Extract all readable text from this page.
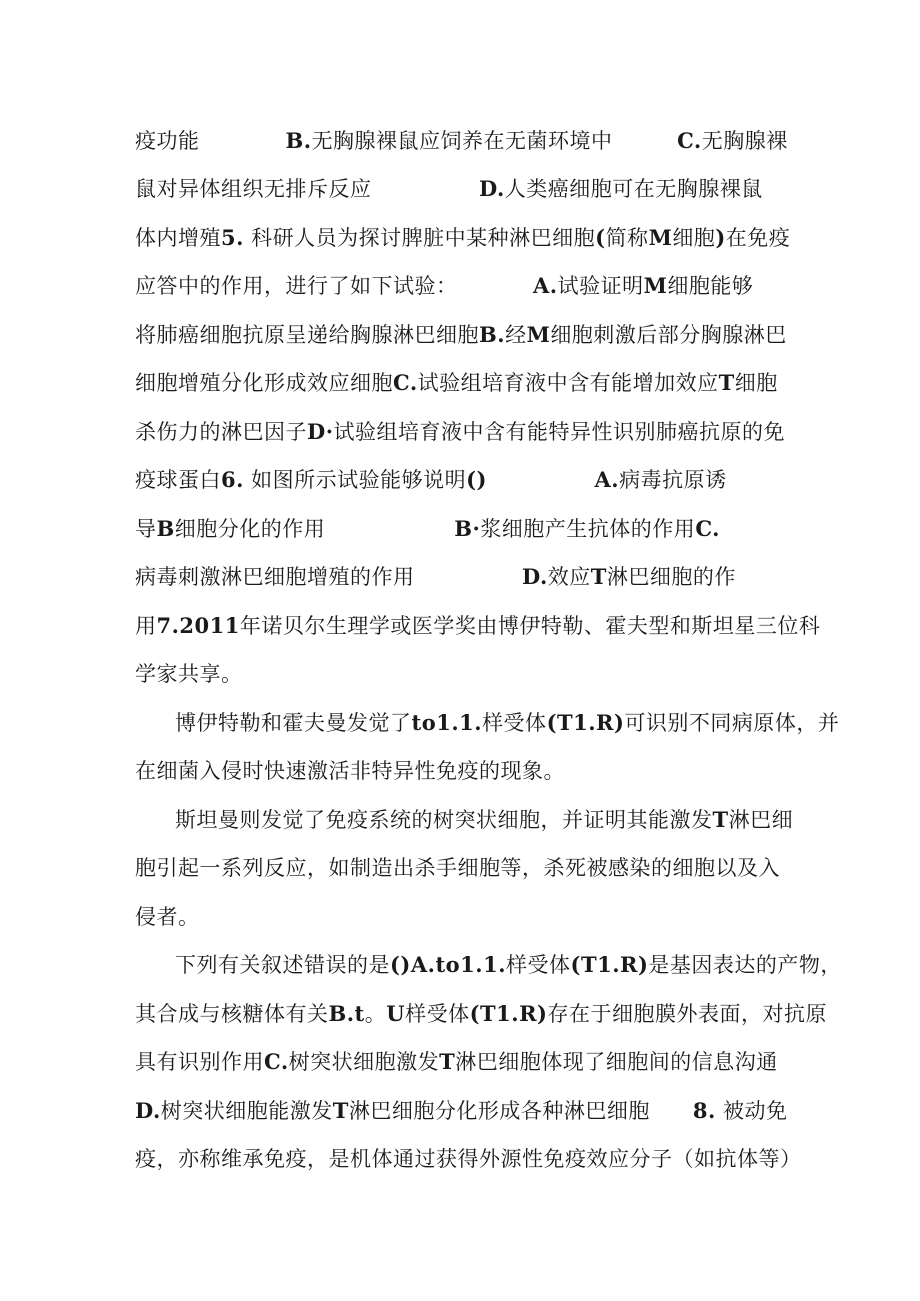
疫功能　　　　B.无胸腺裸鼠应饲养在无菌环境中　　　C.无胸腺裸
鼠对异体组织无排斥反应　　　　　D.人类癌细胞可在无胸腺裸鼠
体内增殖5. 科研人员为探讨脾脏中某种淋巴细胞(简称M细胞)在免疫
应答中的作用，进行了如下试验：　　　　A.试验证明M细胞能够
将肺癌细胞抗原呈递给胸腺淋巴细胞B.经M细胞刺激后部分胸腺淋巴
细胞增殖分化形成效应细胞C.试验组培育液中含有能增加效应T细胞
杀伤力的淋巴因子D·试验组培育液中含有能特异性识别肺癌抗原的免
疫球蛋白6. 如图所示试验能够说明()　　　　　	A.病毒抗原诱
导B细胞分化的作用　　　　　　B·浆细胞产生抗体的作用C.
病毒刺激淋巴细胞增殖的作用　　　　　D.效应T淋巴细胞的作
用7.2011年诺贝尔生理学或医学奖由博伊特勒、霍夫型和斯坦星三位科
学家共享。
博伊特勒和霍夫曼发觉了to1.1.样受体(T1.R)可识别不同病原体，并
在细菌入侵时快速激活非特异性免疫的现象。
斯坦曼则发觉了免疫系统的树突状细胞，并证明其能激发T淋巴细
胞引起一系列反应，如制造出杀手细胞等，杀死被感染的细胞以及入
侵者。
下列有关叙述错误的是()A.to1.1.样受体(T1.R)是基因表达的产物，
其合成与核糖体有关B.t。U样受体(T1.R)存在于细胞膜外表面，对抗原
具有识别作用C.树突状细胞激发T淋巴细胞体现了细胞间的信息沟通
D.树突状细胞能激发T淋巴细胞分化形成各种淋巴细胞　　8. 被动免
疫，亦称维承免疫，是机体通过获得外源性免疫效应分子（如抗体等）
